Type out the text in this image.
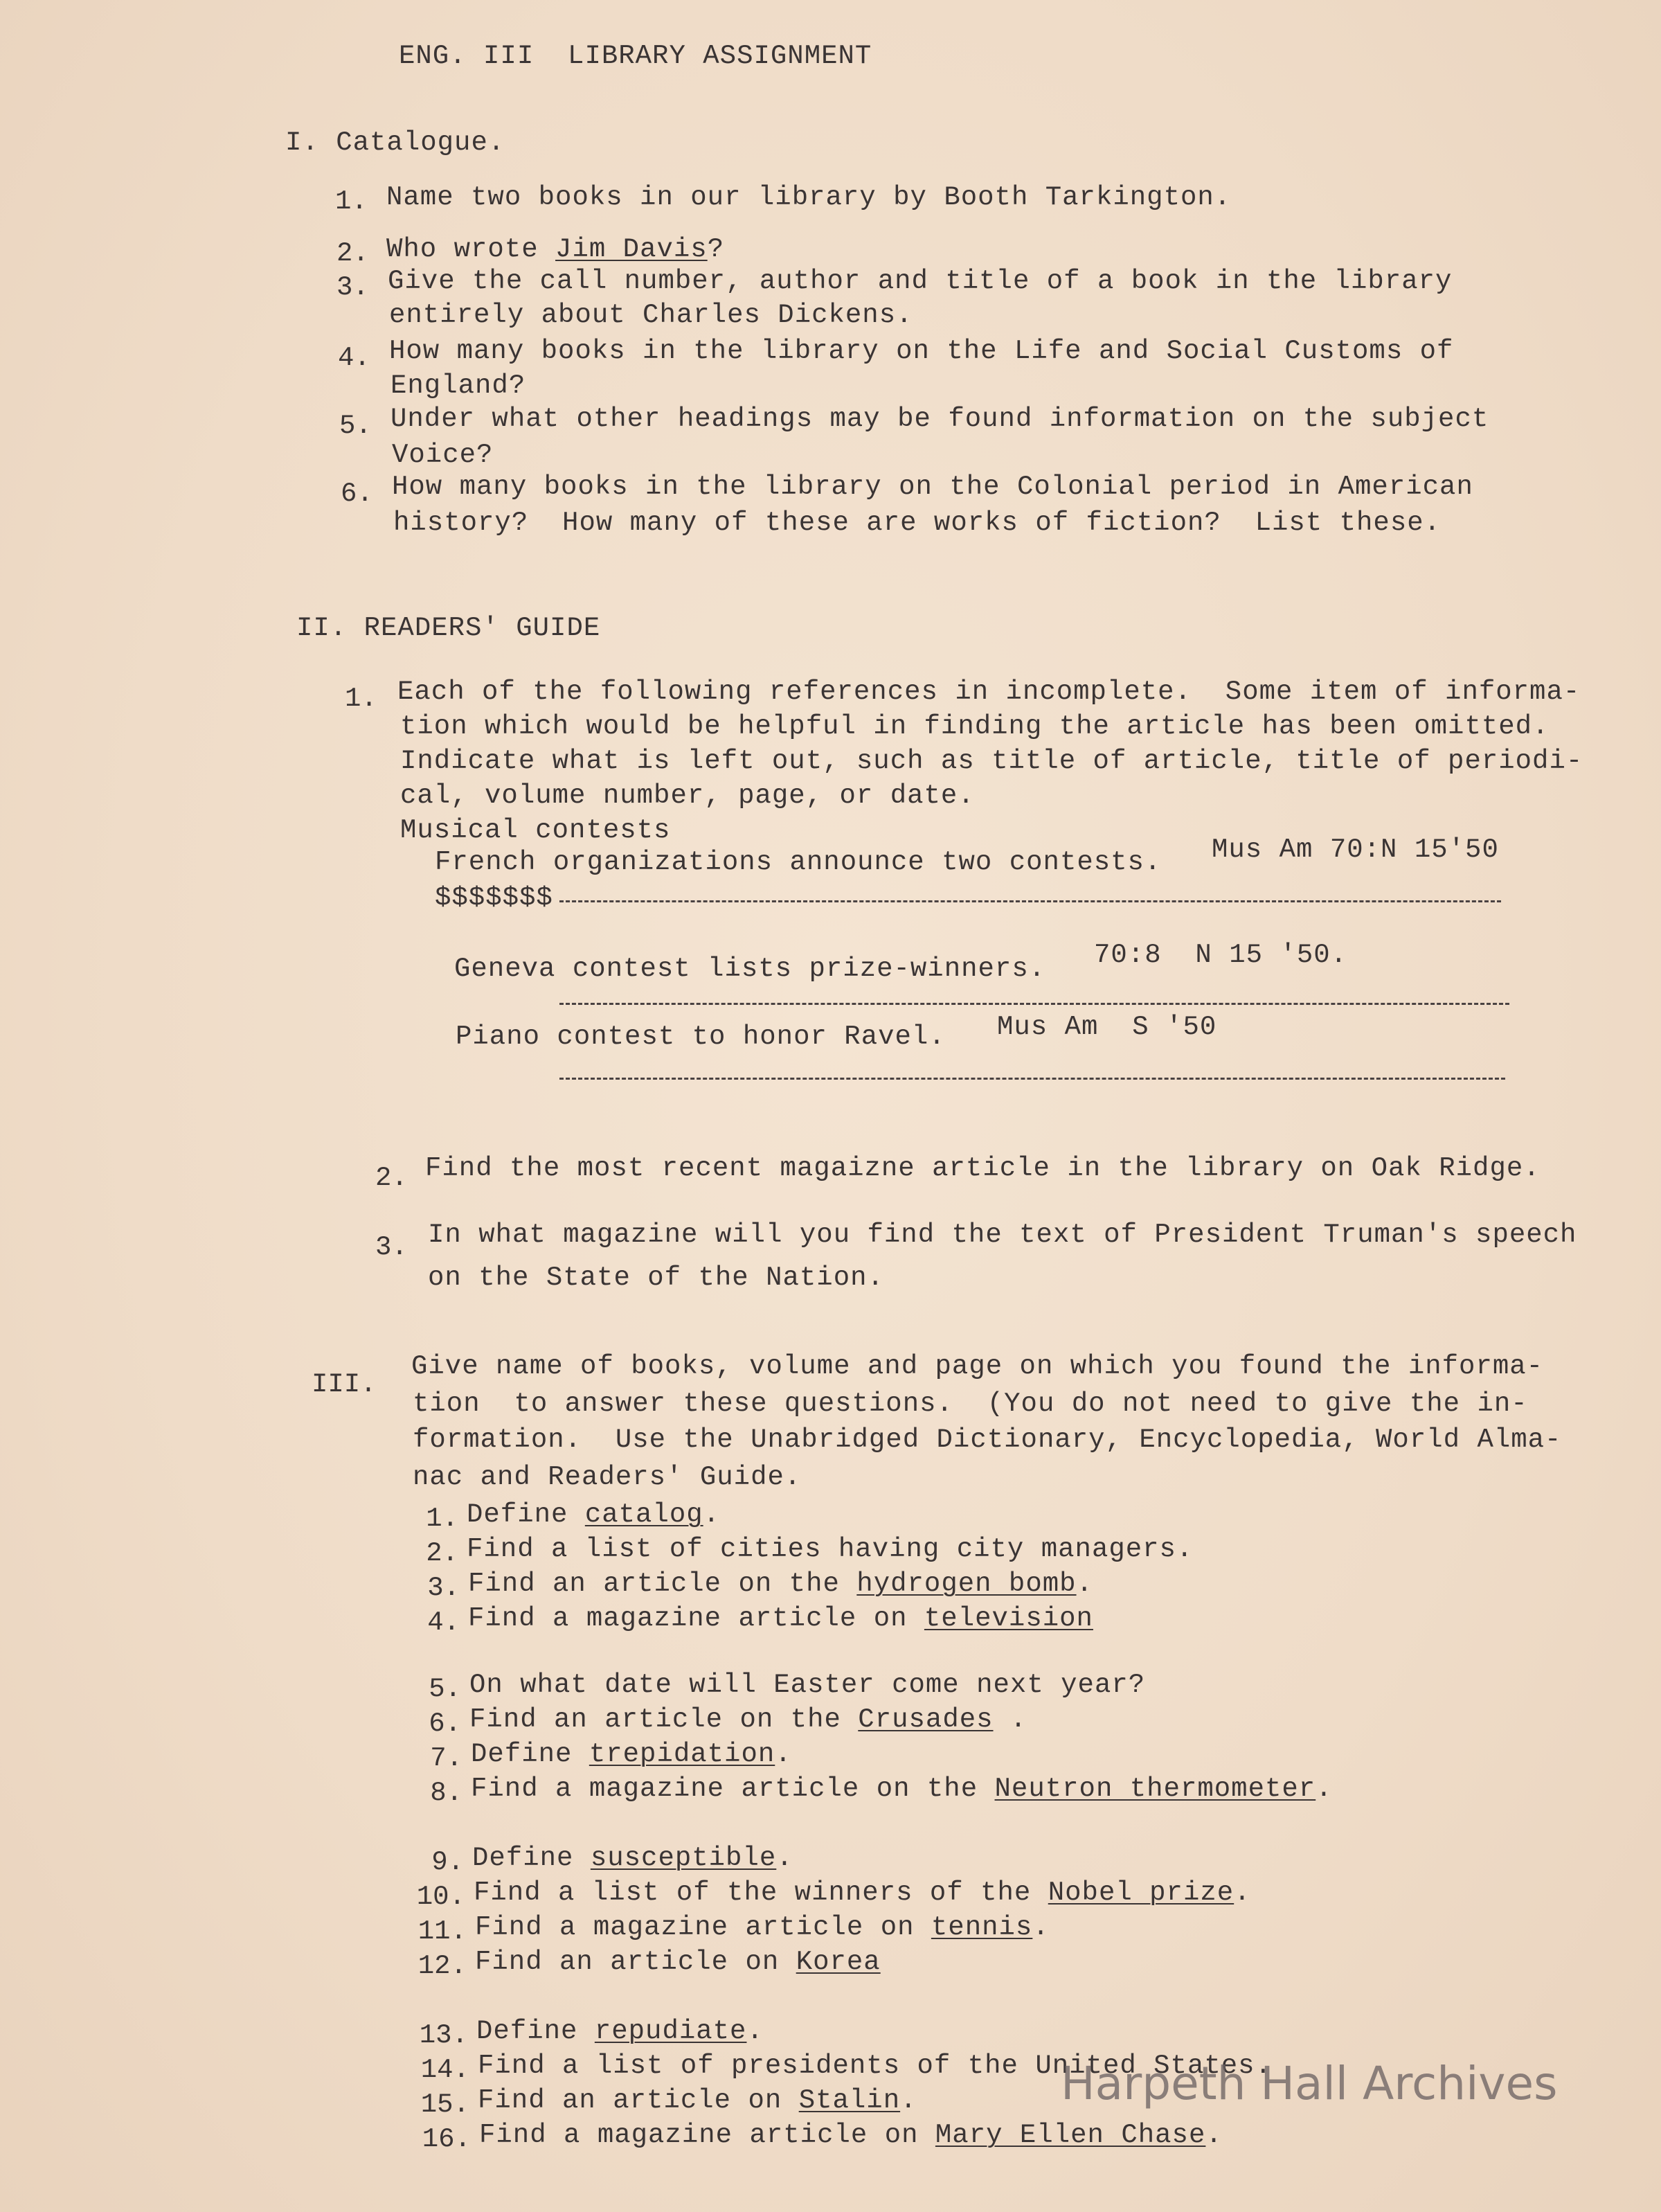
ENG. III  LIBRARY ASSIGNMENT
I. Catalogue.
1. Name two books in our library by Booth Tarkington.
2. Who wrote Jim Davis?
3. Give the call number, author and title of a book in the library
entirely about Charles Dickens.
4. How many books in the library on the Life and Social Customs of
England?
5. Under what other headings may be found information on the subject
Voice?
6. How many books in the library on the Colonial period in American
history?  How many of these are works of fiction?  List these.
II. READERS' GUIDE
1. Each of the following references in incomplete.  Some item of informa-
tion which would be helpful in finding the article has been omitted.
Indicate what is left out, such as title of article, title of periodi-
cal, volume number, page, or date.
Musical contests
French organizations announce two contests. Mus Am 70:N 15'50
$$$$$$$
Geneva contest lists prize-winners. 70:8  N 15 '50.
Piano contest to honor Ravel. Mus Am  S '50
2. Find the most recent magaizne article in the library on Oak Ridge.
3. In what magazine will you find the text of President Truman's speech
on the State of the Nation.
III.
Give name of books, volume and page on which you found the informa-
tion  to answer these questions.  (You do not need to give the in-
formation.  Use the Unabridged Dictionary, Encyclopedia, World Alma-
nac and Readers' Guide.
1. Define catalog.
2. Find a list of cities having city managers.
3. Find an article on the hydrogen bomb.
4. Find a magazine article on television
5. On what date will Easter come next year?
6. Find an article on the Crusades .
7. Define trepidation.
8. Find a magazine article on the Neutron thermometer.
9. Define susceptible.
10. Find a list of the winners of the Nobel prize.
11. Find a magazine article on tennis.
12. Find an article on Korea
13. Define repudiate.
14. Find a list of presidents of the United States.
15. Find an article on Stalin.
16. Find a magazine article on Mary Ellen Chase.
Harpeth Hall Archives
